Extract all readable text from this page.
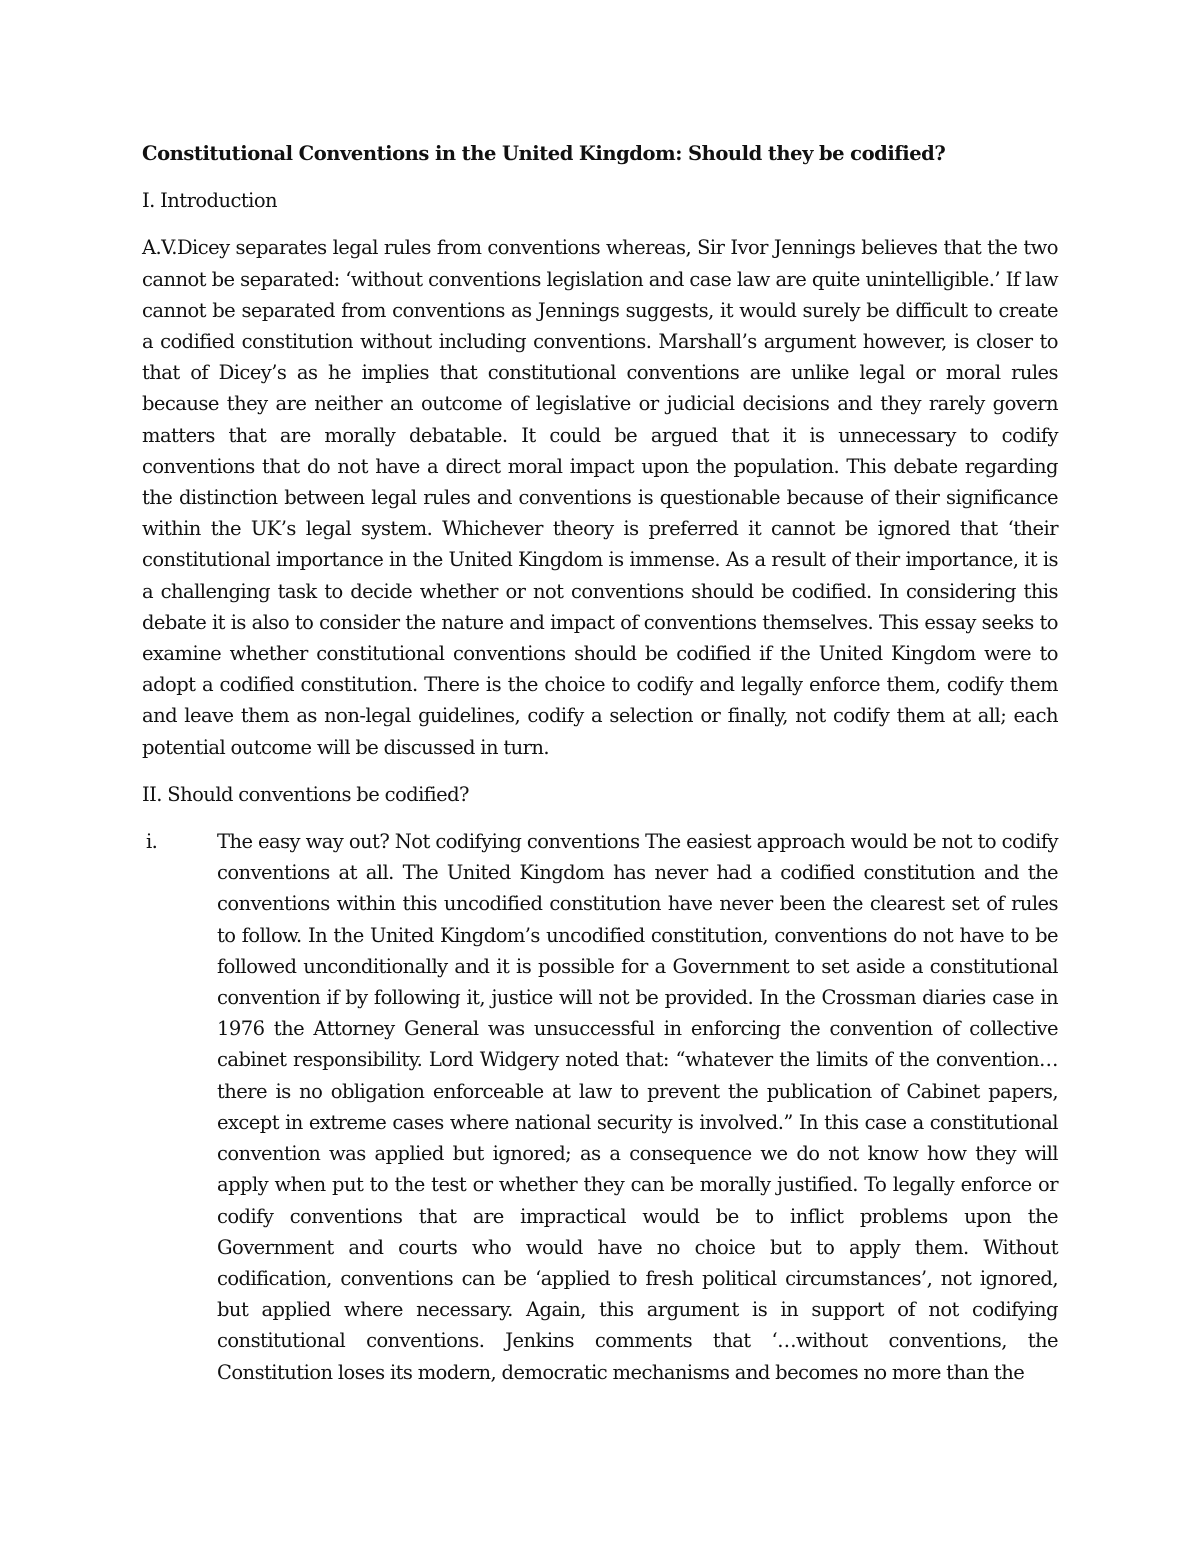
Constitutional Conventions in the United Kingdom: Should they be codified?

I. Introduction

A.V.Dicey separates legal rules from conventions whereas, Sir Ivor Jennings believes that the two cannot be separated: ‘without conventions legislation and case law are quite unintelligible.’ If law cannot be separated from conventions as Jennings suggests, it would surely be difficult to create a codified constitution without including conventions. Marshall’s argument however, is closer to that of Dicey’s as he implies that constitutional conventions are unlike legal or moral rules because they are neither an outcome of legislative or judicial decisions and they rarely govern matters that are morally debatable. It could be argued that it is unnecessary to codify conventions that do not have a direct moral impact upon the population. This debate regarding the distinction between legal rules and conventions is questionable because of their significance within the UK’s legal system. Whichever theory is preferred it cannot be ignored that ‘their constitutional importance in the United Kingdom is immense. As a result of their importance, it is a challenging task to decide whether or not conventions should be codified. In considering this debate it is also to consider the nature and impact of conventions themselves. This essay seeks to examine whether constitutional conventions should be codified if the United Kingdom were to adopt a codified constitution. There is the choice to codify and legally enforce them, codify them and leave them as non-legal guidelines, codify a selection or finally, not codify them at all; each potential outcome will be discussed in turn.

II. Should conventions be codified?

i.	The easy way out? Not codifying conventions The easiest approach would be not to codify conventions at all. The United Kingdom has never had a codified constitution and the conventions within this uncodified constitution have never been the clearest set of rules to follow. In the United Kingdom’s uncodified constitution, conventions do not have to be followed unconditionally and it is possible for a Government to set aside a constitutional convention if by following it, justice will not be provided. In the Crossman diaries case in 1976 the Attorney General was unsuccessful in enforcing the convention of collective cabinet responsibility. Lord Widgery noted that: “whatever the limits of the convention…there is no obligation enforceable at law to prevent the publication of Cabinet papers, except in extreme cases where national security is involved.” In this case a constitutional convention was applied but ignored; as a consequence we do not know how they will apply when put to the test or whether they can be morally justified. To legally enforce or codify conventions that are impractical would be to inflict problems upon the Government and courts who would have no choice but to apply them. Without codification, conventions can be ‘applied to fresh political circumstances’, not ignored, but applied where necessary. Again, this argument is in support of not codifying constitutional conventions. Jenkins comments that ‘…without conventions, the Constitution loses its modern, democratic mechanisms and becomes no more than the
